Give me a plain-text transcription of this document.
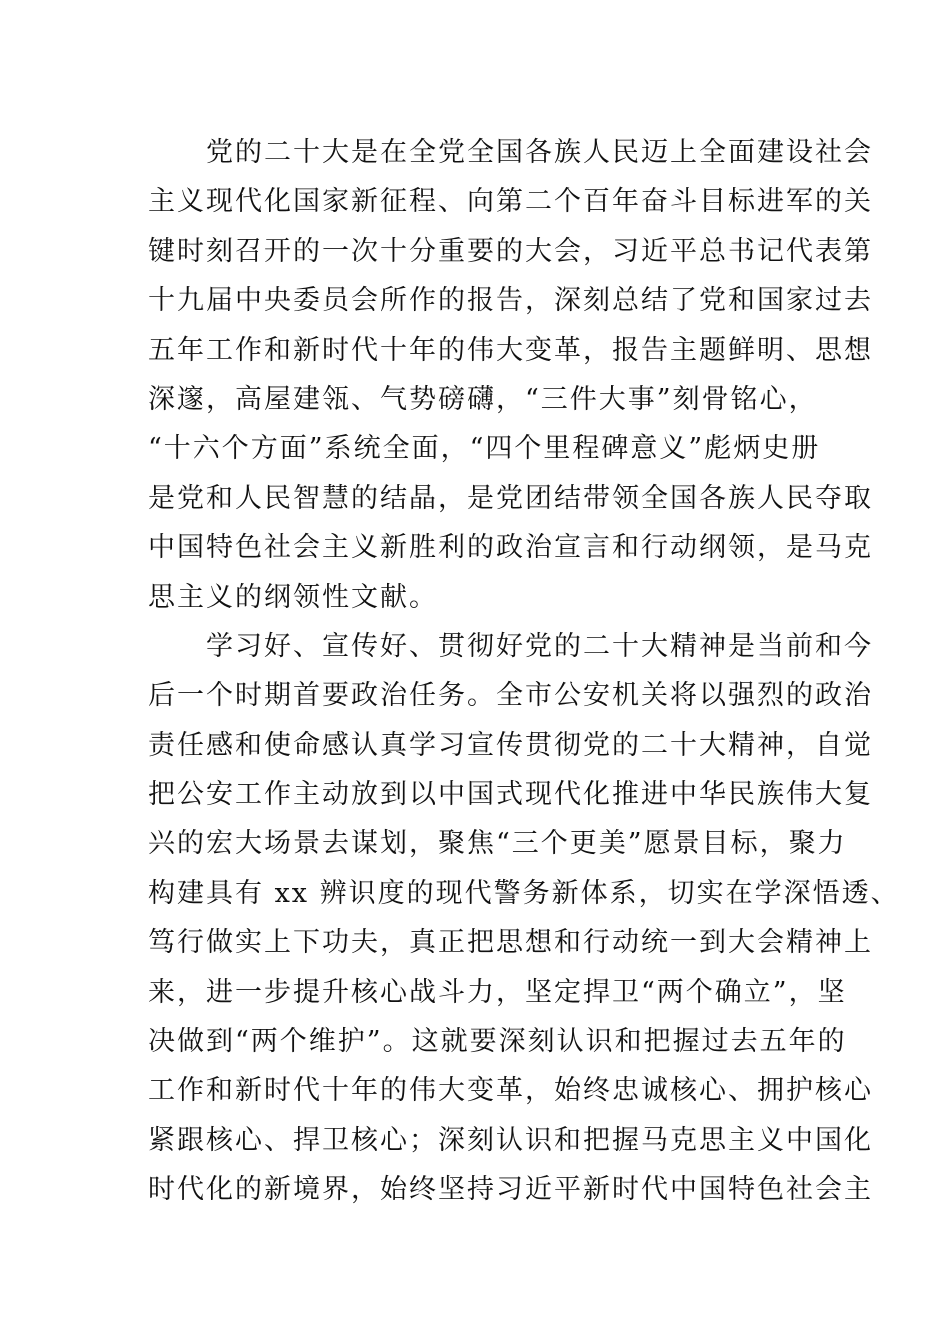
　　党的二十大是在全党全国各族人民迈上全面建设社会
主义现代化国家新征程、向第二个百年奋斗目标进军的关
键时刻召开的一次十分重要的大会，习近平总书记代表第
十九届中央委员会所作的报告，深刻总结了党和国家过去
五年工作和新时代十年的伟大变革，报告主题鲜明、思想
深邃，高屋建瓴、气势磅礴，“三件大事”刻骨铭心，
“十六个方面”系统全面，“四个里程碑意义”彪炳史册
是党和人民智慧的结晶，是党团结带领全国各族人民夺取
中国特色社会主义新胜利的政治宣言和行动纲领，是马克
思主义的纲领性文献。
　　学习好、宣传好、贯彻好党的二十大精神是当前和今
后一个时期首要政治任务。全市公安机关将以强烈的政治
责任感和使命感认真学习宣传贯彻党的二十大精神，自觉
把公安工作主动放到以中国式现代化推进中华民族伟大复
兴的宏大场景去谋划，聚焦“三个更美”愿景目标，聚力
构建具有 xx 辨识度的现代警务新体系，切实在学深悟透、
笃行做实上下功夫，真正把思想和行动统一到大会精神上
来，进一步提升核心战斗力，坚定捍卫“两个确立”，坚
决做到“两个维护”。这就要深刻认识和把握过去五年的
工作和新时代十年的伟大变革，始终忠诚核心、拥护核心
紧跟核心、捍卫核心；深刻认识和把握马克思主义中国化
时代化的新境界，始终坚持习近平新时代中国特色社会主
